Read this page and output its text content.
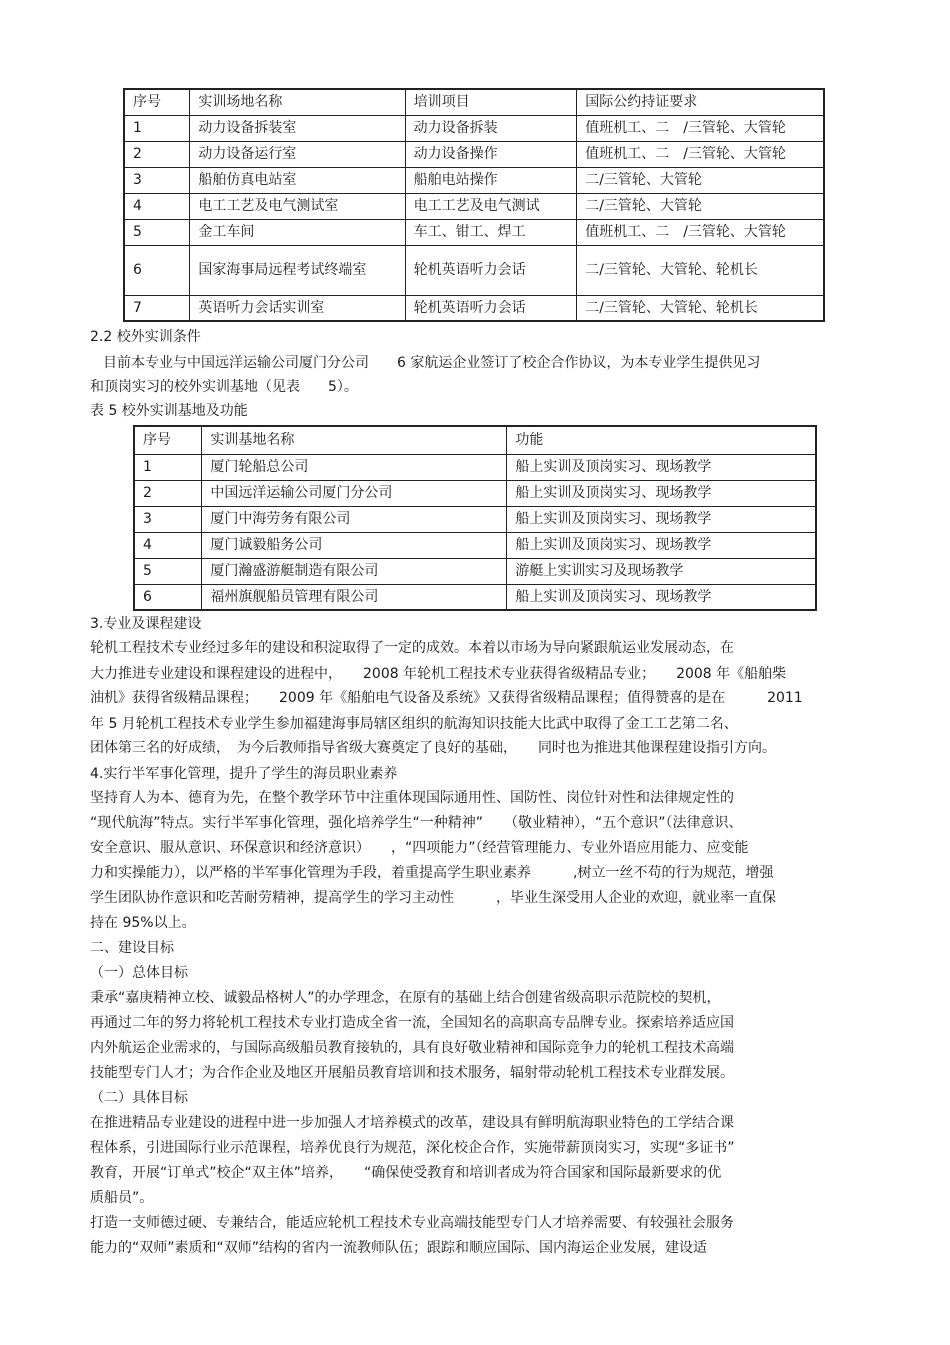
序号	实训场地名称	培训项目	国际公约持证要求
1	动力设备拆装室	动力设备拆装	值班机工、二　/三管轮、大管轮
2	动力设备运行室	动力设备操作	值班机工、二　/三管轮、大管轮
3	船舶仿真电站室	船舶电站操作	二/三管轮、大管轮
4	电工工艺及电气测试室	电工工艺及电气测试	二/三管轮、大管轮
5	金工车间	车工、钳工、焊工	值班机工、二　/三管轮、大管轮
6	国家海事局远程考试终端室	轮机英语听力会话	二/三管轮、大管轮、轮机长
7	英语听力会话实训室	轮机英语听力会话	二/三管轮、大管轮、轮机长
2.2 校外实训条件
目前本专业与中国远洋运输公司厦门分公司　　6 家航运企业签订了校企合作协议，为本专业学生提供见习
和顶岗实习的校外实训基地（见表　　5）。
表 5 校外实训基地及功能
序号	实训基地名称	功能
1	厦门轮船总公司	船上实训及顶岗实习、现场教学
2	中国远洋运输公司厦门分公司	船上实训及顶岗实习、现场教学
3	厦门中海劳务有限公司	船上实训及顶岗实习、现场教学
4	厦门诚毅船务公司	船上实训及顶岗实习、现场教学
5	厦门瀚盛游艇制造有限公司	游艇上实训实习及现场教学
6	福州旗舰船员管理有限公司	船上实训及顶岗实习、现场教学
3.专业及课程建设
轮机工程技术专业经过多年的建设和积淀取得了一定的成效。本着以市场为导向紧跟航运业发展动态，在
大力推进专业建设和课程建设的进程中，　　2008 年轮机工程技术专业获得省级精品专业；　　2008 年《船舶柴
油机》获得省级精品课程；　　2009 年《船舶电气设备及系统》又获得省级精品课程；值得赞喜的是在　　　2011
年 5 月轮机工程技术专业学生参加福建海事局辖区组织的航海知识技能大比武中取得了金工工艺第二名、
团体第三名的好成绩，　为今后教师指导省级大赛奠定了良好的基础，　　同时也为推进其他课程建设指引方向。
4.实行半军事化管理，提升了学生的海员职业素养
坚持育人为本、德育为先，在整个教学环节中注重体现国际通用性、国防性、岗位针对性和法律规定性的
“现代航海”特点。实行半军事化管理，强化培养学生“一种精神”　　（敬业精神），“五个意识”（法律意识、
安全意识、服从意识、环保意识和经济意识）　　，“四项能力”（经营管理能力、专业外语应用能力、应变能
力和实操能力），以严格的半军事化管理为手段，着重提高学生职业素养　　　,树立一丝不苟的行为规范，增强
学生团队协作意识和吃苦耐劳精神，提高学生的学习主动性　　　，毕业生深受用人企业的欢迎，就业率一直保
持在 95%以上。
二、建设目标
（一）总体目标
秉承“嘉庚精神立校、诚毅品格树人”的办学理念，在原有的基础上结合创建省级高职示范院校的契机，
再通过二年的努力将轮机工程技术专业打造成全省一流，全国知名的高职高专品牌专业。探索培养适应国
内外航运企业需求的，与国际高级船员教育接轨的，具有良好敬业精神和国际竞争力的轮机工程技术高端
技能型专门人才；为合作企业及地区开展船员教育培训和技术服务，辐射带动轮机工程技术专业群发展。
（二）具体目标
在推进精品专业建设的进程中进一步加强人才培养模式的改革，建设具有鲜明航海职业特色的工学结合课
程体系，引进国际行业示范课程，培养优良行为规范，深化校企合作，实施带薪顶岗实习，实现“多证书”
教育，开展“订单式”校企“双主体”培养，　　“确保使受教育和培训者成为符合国家和国际最新要求的优
质船员”。
打造一支师德过硬、专兼结合，能适应轮机工程技术专业高端技能型专门人才培养需要、有较强社会服务
能力的“双师”素质和“双师”结构的省内一流教师队伍；跟踪和顺应国际、国内海运企业发展，建设适
